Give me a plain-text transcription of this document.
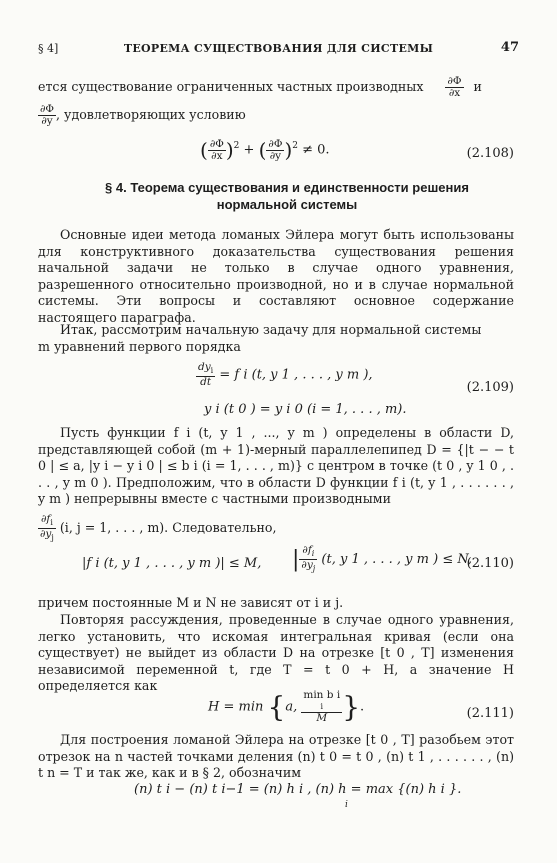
§ 4]	ТЕОРЕМА СУЩЕСТВОВАНИЯ ДЛЯ СИСТЕМЫ	47
ется существование ограниченных частных производных $\frac{\partial\Phi}{\partial x}$ и
$\frac{\partial\Phi}{\partial y}$ , удовлетворяющих условию
( $\frac{\partial\Phi}{\partial x} )^2$ + ( $\frac{\partial\Phi}{\partial y} )^2 \ne 0$.	(2.108)
§ 4. Теорема существования и единственности решения
нормальной системы
Основные идеи метода ломаных Эйлера могут быть использованы для конструктивного доказательства существования решения начальной задачи не только в случае одного уравнения, разрешенного относительно производной, но и в случае нормальной системы. Эти вопросы и составляют основное содержание настоящего параграфа.
Итак, рассмотрим начальную задачу для нормальной системы
m уравнений первого порядка
$\frac{dy_i}{dt} = f$ i (t, y 1 , . . . , y m ),
y i (t 0 ) = y i 0 (i = 1, . . . , m).
(2.109)
Пусть функции f i (t, y 1 , ..., y m ) определены в области D, представляющей собой (m + 1)-мерный параллелепипед D = {|t − − t 0 | ≤ a, |y i − y i 0 | ≤ b i (i = 1, . . . , m)} с центром в точке (t 0 , y 1 0 , . . . , y m 0 ). Предположим, что в области D функции f i (t, y 1 , . . . . . . , y m ) непрерывны вместе с частными производными
$\frac{\partial f_i}{\partial y_j} (i$, j = 1, . . . , m). Следовательно,
|f i (t, y 1 , . . . , y m )| ≤ M, | $\frac{\partial f_i}{\partial y_j} (t$, y 1 , . . . , y m ) ≤ N,
(2.110)
причем постоянные M и N не зависят от i и j.
Повторяя рассуждения, проведенные в случае одного уравнения, легко установить, что искомая интегральная кривая (если она существует) не выйдет из области D на отрезке [t 0 , T] изменения независимой переменной t, где T = t 0 + H, а значение H определяется как
H = min {a,
min b i
i
M }.	(2.111)
Для построения ломаной Эйлера на отрезке [t 0 , T] разобьем этот отрезок на n частей точками деления (n) t 0 = t 0 , (n) t 1 , . . . . . . , (n) t n = T и так же, как и в § 2, обозначим
(n) t i − (n) t i−1 = (n) h i , (n) h = max {(n) h i }.
i
